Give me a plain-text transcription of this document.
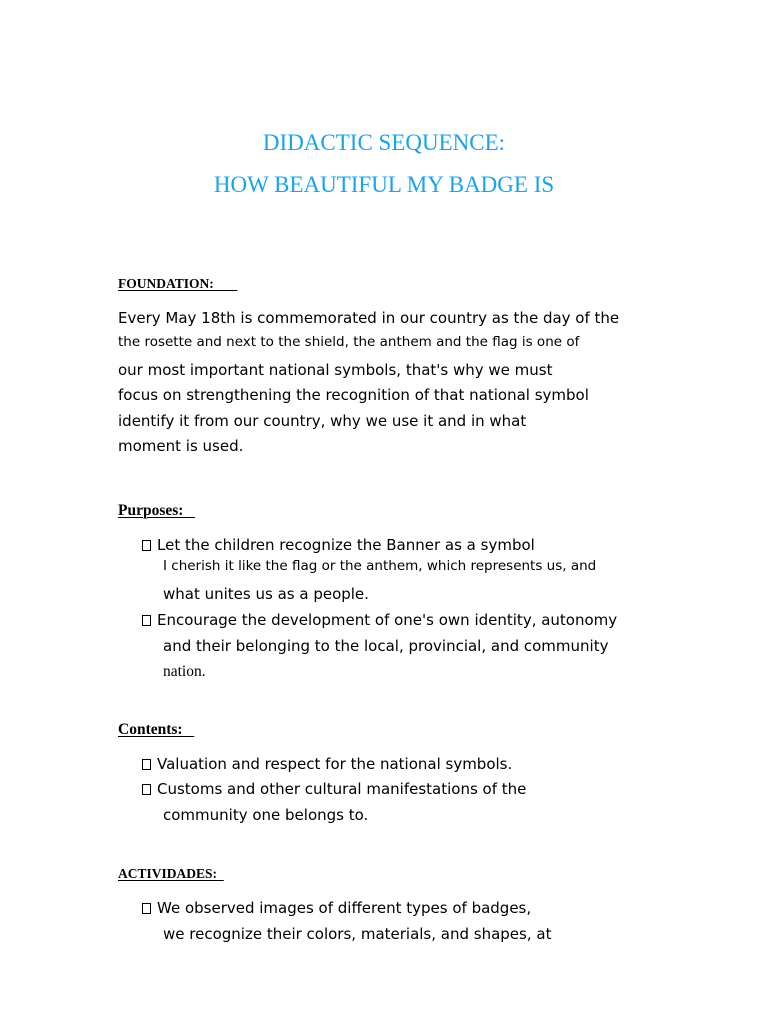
DIDACTIC SEQUENCE:
HOW BEAUTIFUL MY BADGE IS
FOUNDATION:
Every May 18th is commemorated in our country as the day of the
the rosette and next to the shield, the anthem and the flag is one of
our most important national symbols, that's why we must
focus on strengthening the recognition of that national symbol
identify it from our country, why we use it and in what
moment is used.
Purposes:
Let the children recognize the Banner as a symbol
I cherish it like the flag or the anthem, which represents us, and
what unites us as a people.
Encourage the development of one's own identity, autonomy
and their belonging to the local, provincial, and community
nation.
Contents:
Valuation and respect for the national symbols.
Customs and other cultural manifestations of the
community one belongs to.
ACTIVIDADES:
We observed images of different types of badges,
we recognize their colors, materials, and shapes, at
